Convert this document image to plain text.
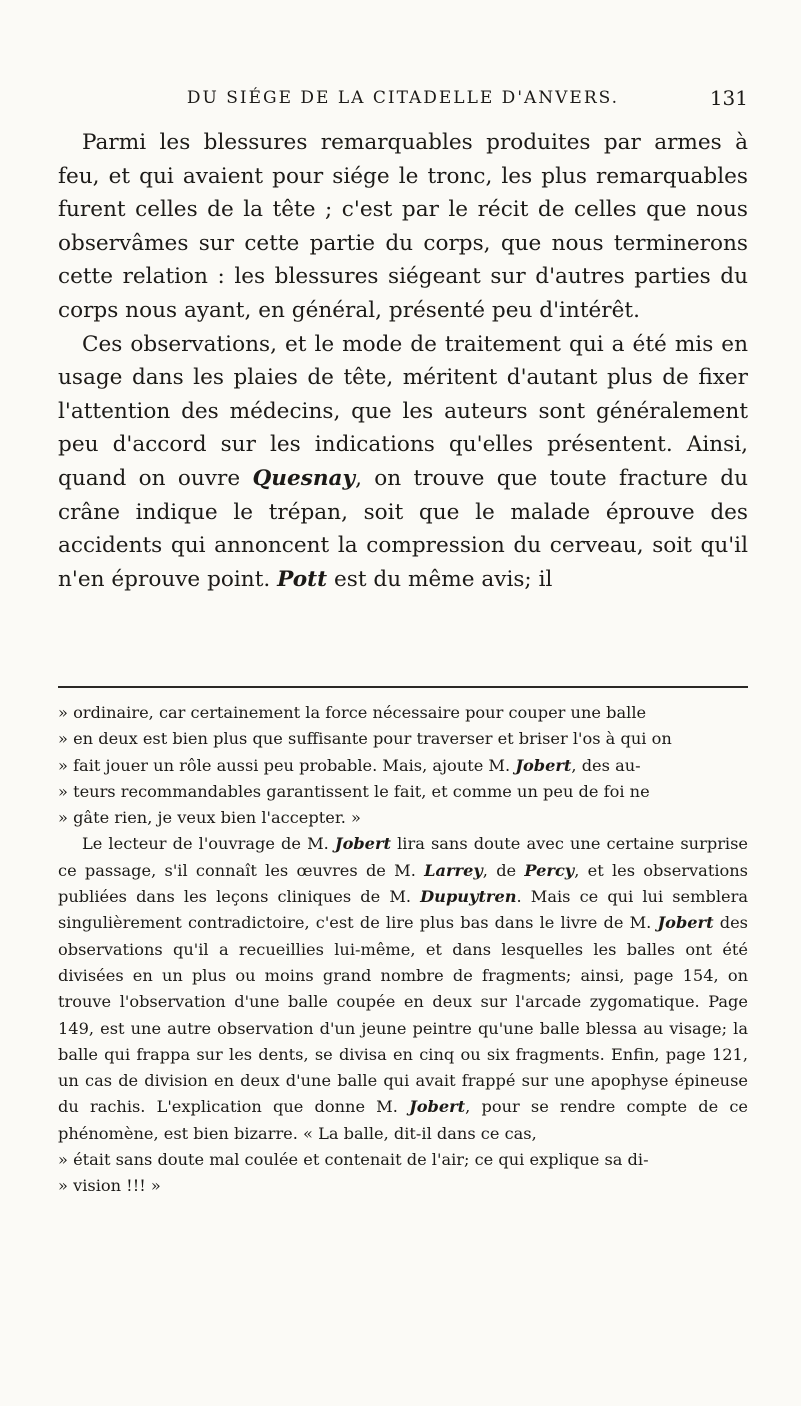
DU SIÉGE DE LA CITADELLE D'ANVERS.	131

Parmi les blessures remarquables produites par armes à feu, et qui avaient pour siége le tronc, les plus remarquables furent celles de la tête ; c'est par le récit de celles que nous observâmes sur cette partie du corps, que nous terminerons cette relation : les blessures siégeant sur d'autres parties du corps nous ayant, en général, présenté peu d'intérêt.

Ces observations, et le mode de traitement qui a été mis en usage dans les plaies de tête, méritent d'autant plus de fixer l'attention des médecins, que les auteurs sont généralement peu d'accord sur les indications qu'elles présentent. Ainsi, quand on ouvre Quesnay, on trouve que toute fracture du crâne indique le trépan, soit que le malade éprouve des accidents qui annoncent la compression du cerveau, soit qu'il n'en éprouve point. Pott est du même avis; il

» ordinaire, car certainement la force nécessaire pour couper une balle

» en deux est bien plus que suffisante pour traverser et briser l'os à qui on

» fait jouer un rôle aussi peu probable. Mais, ajoute M. Jobert, des au-

» teurs recommandables garantissent le fait, et comme un peu de foi ne

» gâte rien, je veux bien l'accepter. »

Le lecteur de l'ouvrage de M. Jobert lira sans doute avec une certaine surprise ce passage, s'il connaît les œuvres de M. Larrey, de Percy, et les observations publiées dans les leçons cliniques de M. Dupuytren. Mais ce qui lui semblera singulièrement contradictoire, c'est de lire plus bas dans le livre de M. Jobert des observations qu'il a recueillies lui-même, et dans lesquelles les balles ont été divisées en un plus ou moins grand nombre de fragments; ainsi, page 154, on trouve l'observation d'une balle coupée en deux sur l'arcade zygomatique. Page 149, est une autre observation d'un jeune peintre qu'une balle blessa au visage; la balle qui frappa sur les dents, se divisa en cinq ou six fragments. Enfin, page 121, un cas de division en deux d'une balle qui avait frappé sur une apophyse épineuse du rachis. L'explication que donne M. Jobert, pour se rendre compte de ce phénomène, est bien bizarre. « La balle, dit-il dans ce cas,

» était sans doute mal coulée et contenait de l'air; ce qui explique sa di-

» vision !!! »
